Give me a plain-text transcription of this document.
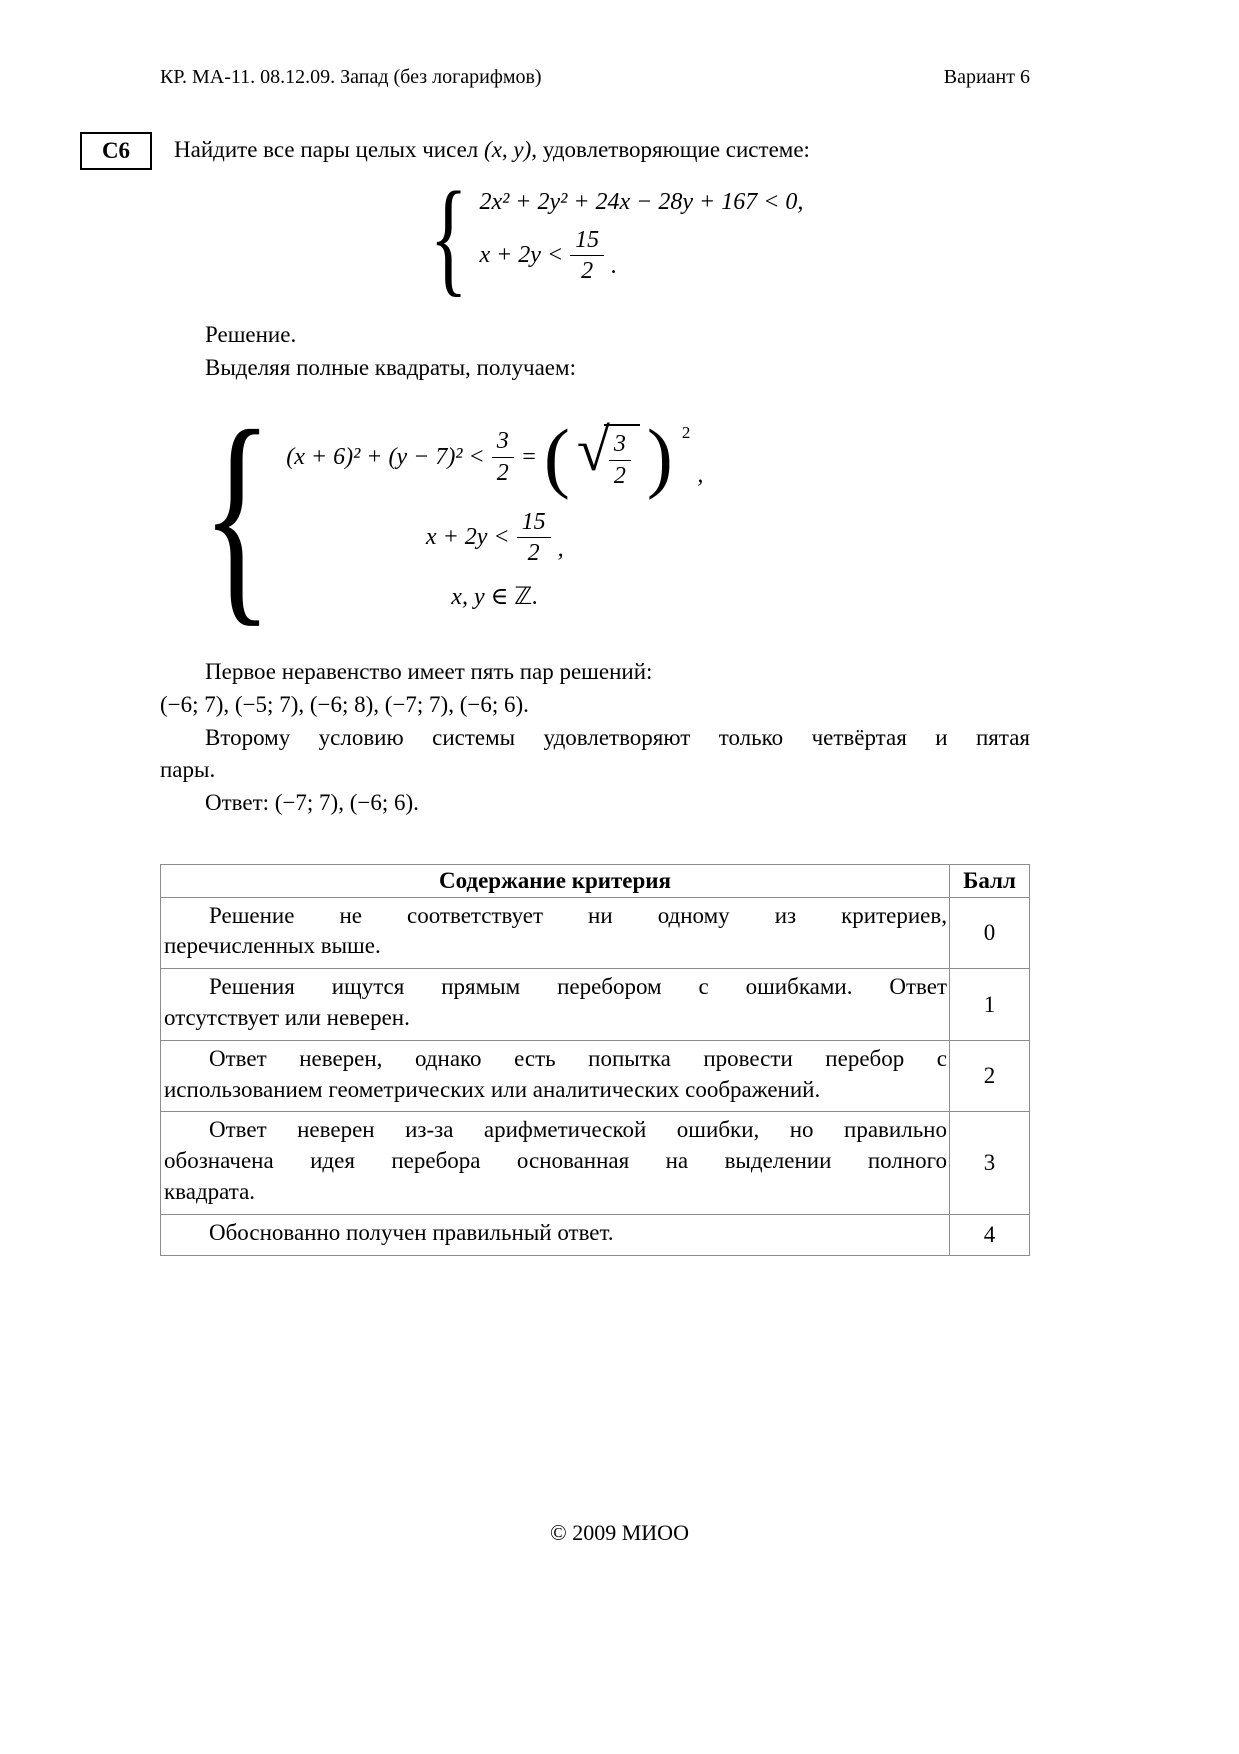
КР. МА-11. 08.12.09. Запад (без логарифмов)	Вариант 6
С6 Найдите все пары целых чисел (x, y), удовлетворяющие системе:
{ 2x² + 2y² + 24x − 28y + 167 < 0,
$x + 2y < \frac{15}{2}$ .
Решение.
Выделяя полные квадраты, получаем:
{ $(x + 6)^2 + (y - 7)^2 < \frac{3}{2}$ = ( √ $\frac{3}{2}$ ) 2
,
$x + 2y < \frac{15}{2}$ ,
x, y ∈ ℤ.
Первое неравенство имеет пять пар решений:
(−6; 7), (−5; 7), (−6; 8), (−7; 7), (−6; 6).
Второму условию системы удовлетворяют только четвёртая и пятая
пары.
Ответ: (−7; 7), (−6; 6).
Содержание критерия	Балл

Решение не соответствует ни одному из критериев,
перечисленных выше.	0

Решения ищутся прямым перебором с ошибками. Ответ
отсутствует или неверен.	1

Ответ неверен, однако есть попытка провести перебор с
использованием геометрических или аналитических соображений.	2

Ответ неверен из-за арифметической ошибки, но правильно
обозначена идея перебора основанная на выделении полного
квадрата.	3

Обоснованно получен правильный ответ.	4
© 2009 МИОО
